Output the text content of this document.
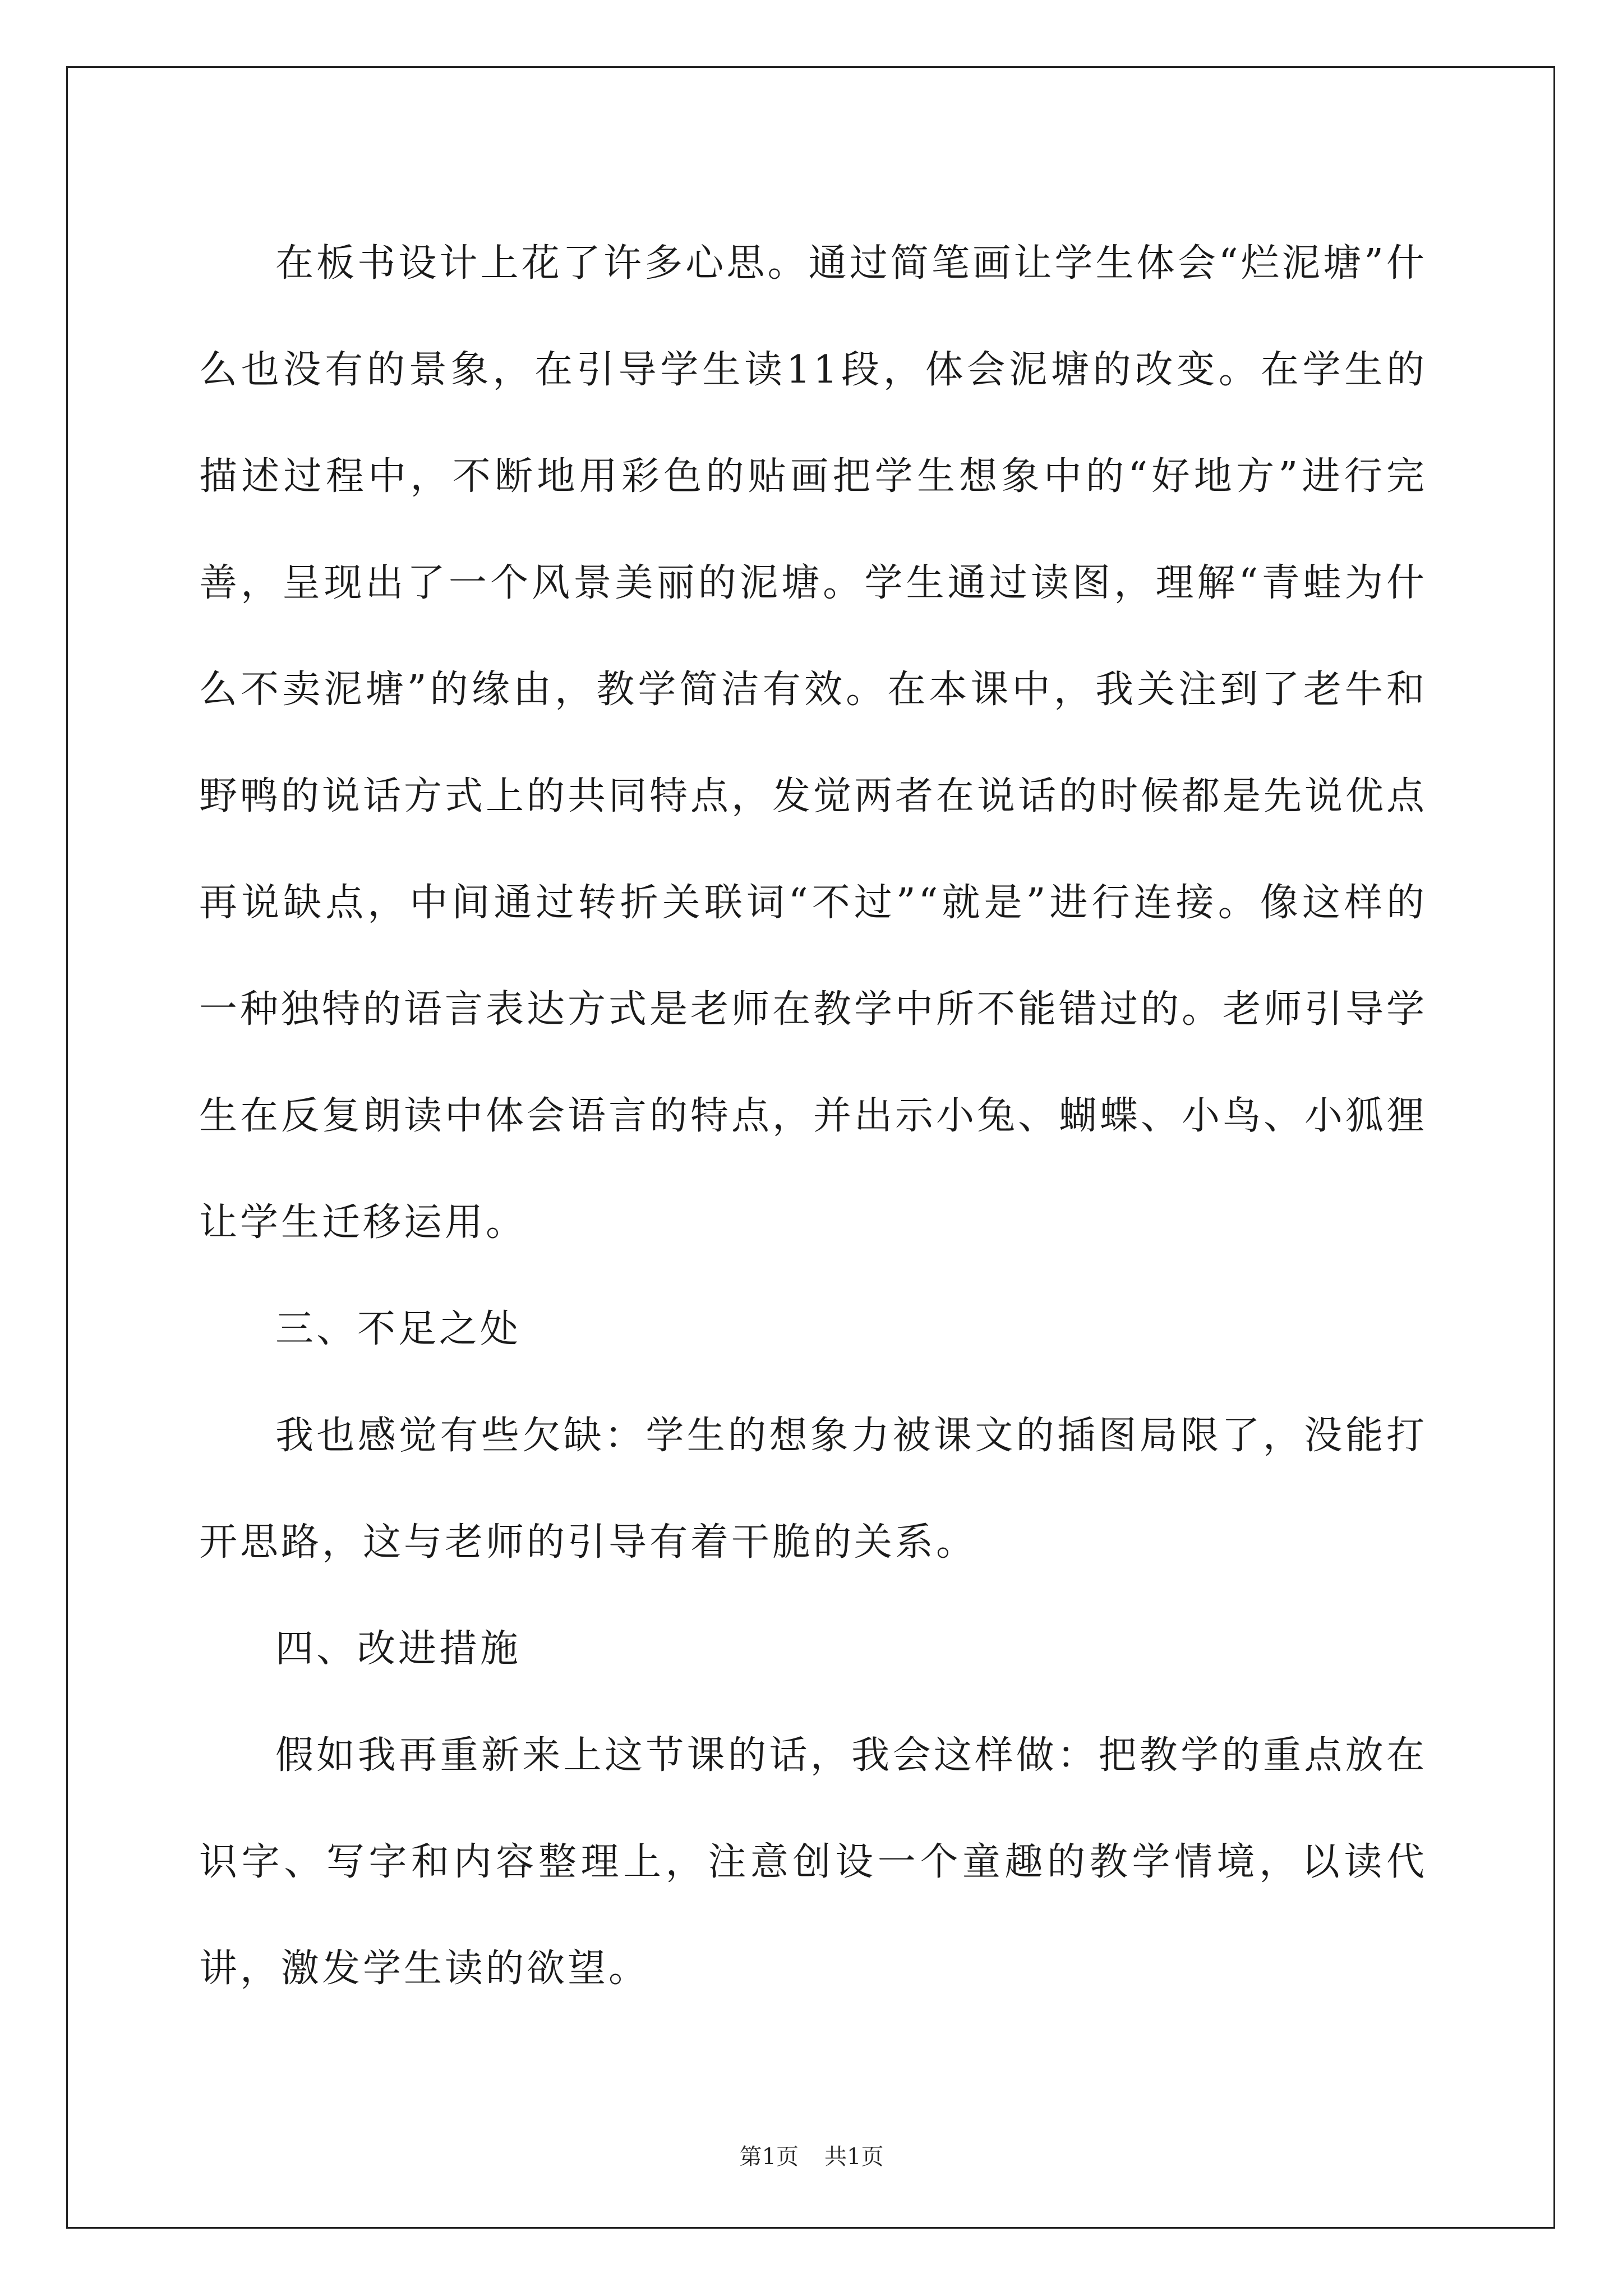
在板书设计上花了许多心思。通过简笔画让学生体会“烂泥塘”什么也没有的景象，在引导学生读11段，体会泥塘的改变。在学生的描述过程中，不断地用彩色的贴画把学生想象中的“好地方”进行完善，呈现出了一个风景美丽的泥塘。学生通过读图，理解“青蛙为什么不卖泥塘”的缘由，教学简洁有效。在本课中，我关注到了老牛和野鸭的说话方式上的共同特点，发觉两者在说话的时候都是先说优点再说缺点，中间通过转折关联词“不过”“就是”进行连接。像这样的一种独特的语言表达方式是老师在教学中所不能错过的。老师引导学生在反复朗读中体会语言的特点，并出示小兔、蝴蝶、小鸟、小狐狸让学生迁移运用。

三、不足之处

我也感觉有些欠缺：学生的想象力被课文的插图局限了，没能打开思路，这与老师的引导有着干脆的关系。

四、改进措施

假如我再重新来上这节课的话，我会这样做：把教学的重点放在识字、写字和内容整理上，注意创设一个童趣的教学情境，以读代讲，激发学生读的欲望。

第1页 共1页
